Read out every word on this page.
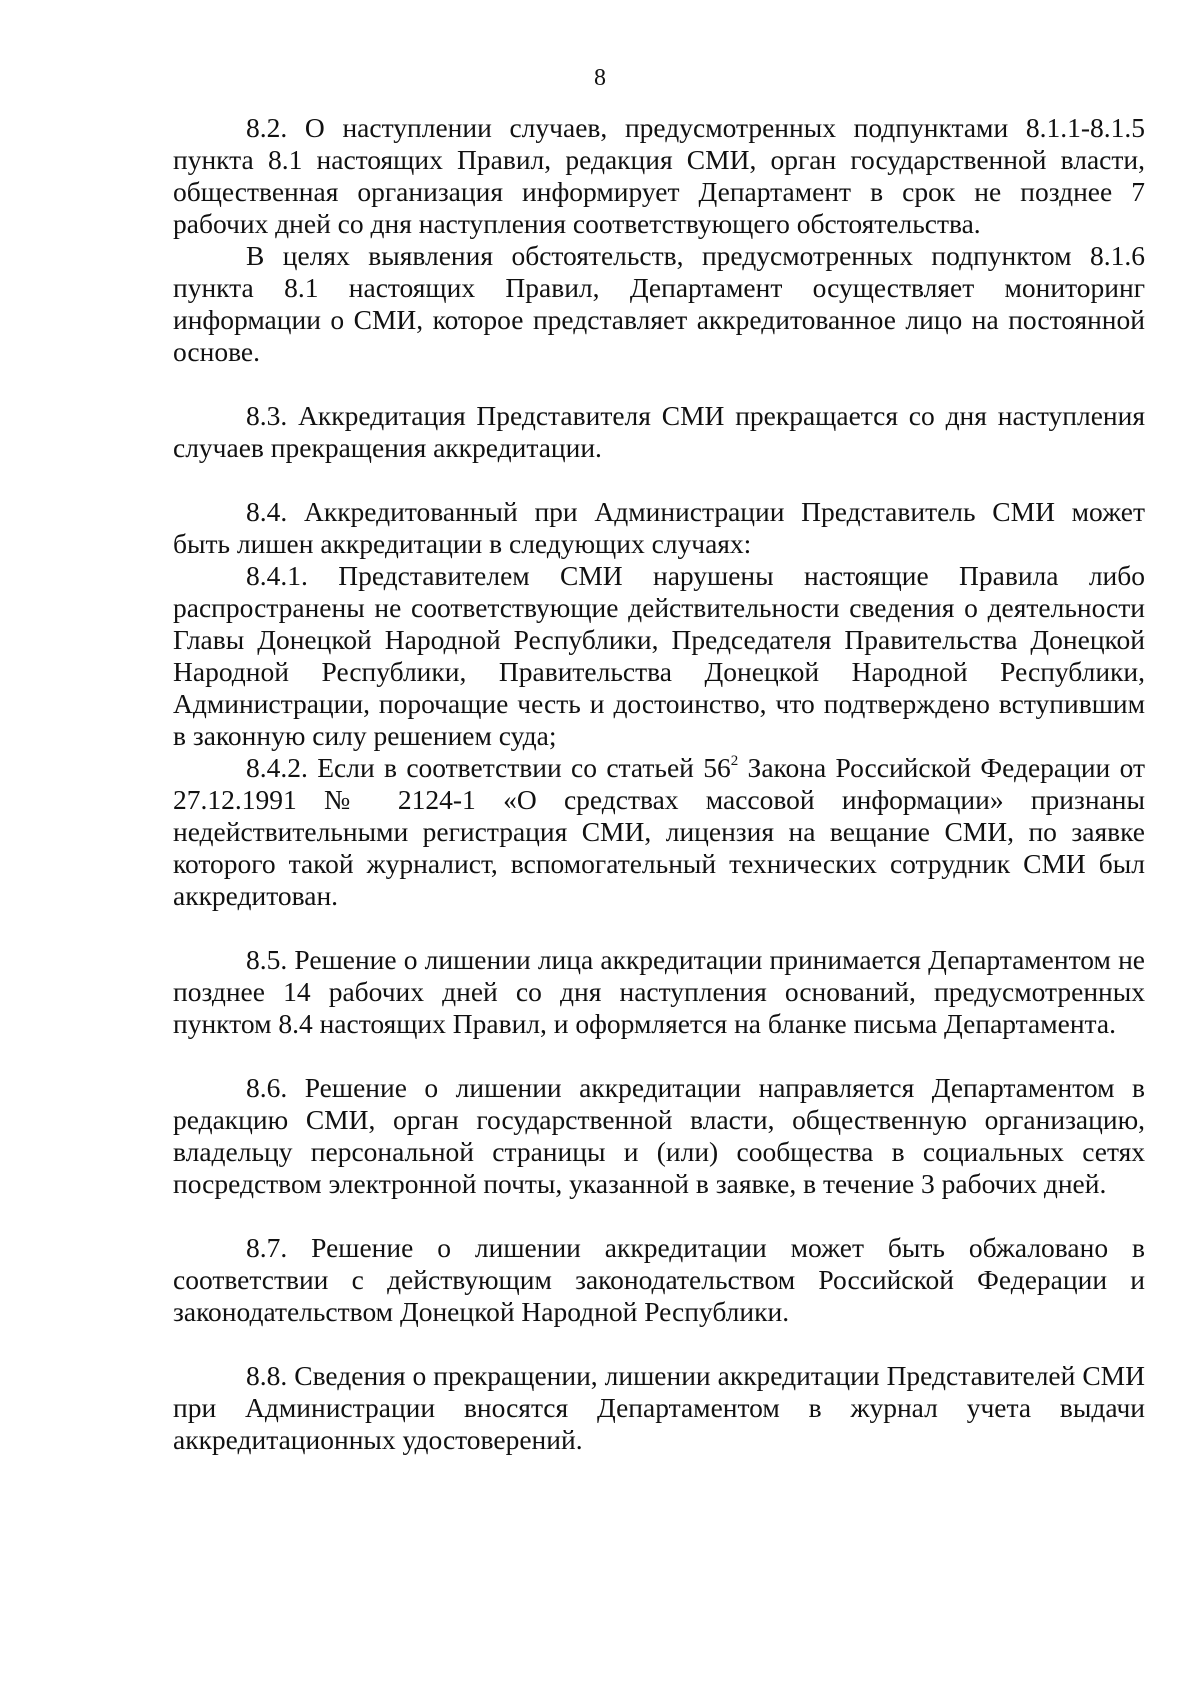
8

8.2. О наступлении случаев, предусмотренных подпунктами 8.1.1-8.1.5 пункта 8.1 настоящих Правил, редакция СМИ, орган государственной власти, общественная организация информирует Департамент в срок не позднее 7 рабочих дней со дня наступления соответствующего обстоятельства.

В целях выявления обстоятельств, предусмотренных подпунктом 8.1.6 пункта 8.1 настоящих Правил, Департамент осуществляет мониторинг информации о СМИ, которое представляет аккредитованное лицо на постоянной основе.

8.3. Аккредитация Представителя СМИ прекращается со дня наступления случаев прекращения аккредитации.

8.4. Аккредитованный при Администрации Представитель СМИ может быть лишен аккредитации в следующих случаях:

8.4.1. Представителем СМИ нарушены настоящие Правила либо распространены не соответствующие действительности сведения о деятельности Главы Донецкой Народной Республики, Председателя Правительства Донецкой Народной Республики, Правительства Донецкой Народной Республики, Администрации, порочащие честь и достоинство, что подтверждено вступившим в законную силу решением суда;

8.4.2. Если в соответствии со статьей $56^2$ Закона Российской Федерации от 27.12.1991 № 2124-1 «О средствах массовой информации» признаны недействительными регистрация СМИ, лицензия на вещание СМИ, по заявке которого такой журналист, вспомогательный технических сотрудник СМИ был аккредитован.

8.5. Решение о лишении лица аккредитации принимается Департаментом не позднее 14 рабочих дней со дня наступления оснований, предусмотренных пунктом 8.4 настоящих Правил, и оформляется на бланке письма Департамента.

8.6. Решение о лишении аккредитации направляется Департаментом в редакцию СМИ, орган государственной власти, общественную организацию, владельцу персональной страницы и (или) сообщества в социальных сетях посредством электронной почты, указанной в заявке, в течение 3 рабочих дней.

8.7. Решение о лишении аккредитации может быть обжаловано в соответствии с действующим законодательством Российской Федерации и законодательством Донецкой Народной Республики.

8.8. Сведения о прекращении, лишении аккредитации Представителей СМИ при Администрации вносятся Департаментом в журнал учета выдачи аккредитационных удостоверений.
